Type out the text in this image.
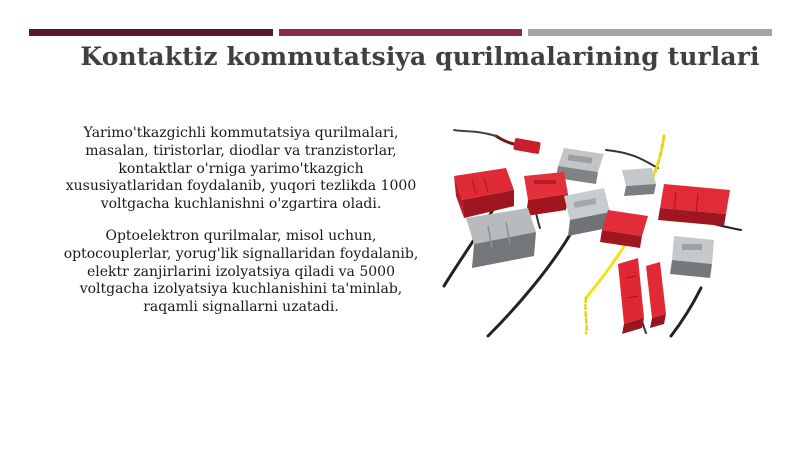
Kontaktiz kommutatsiya qurilmalarining turlari

Yarimo'tkazgichli kommutatsiya qurilmalari, masalan, tiristorlar, diodlar va tranzistorlar, kontaktlar o'rniga yarimo'tkazgich xususiyatlaridan foydalanib, yuqori tezlikda 1000 voltgacha kuchlanishni o'zgartira oladi.

Optoelektron qurilmalar, misol uchun, optocouplerlar, yorug'lik signallaridan foydalanib, elektr zanjirlarini izolyatsiya qiladi va 5000 voltgacha izolyatsiya kuchlanishini ta'minlab, raqamli signallarni uzatadi.
